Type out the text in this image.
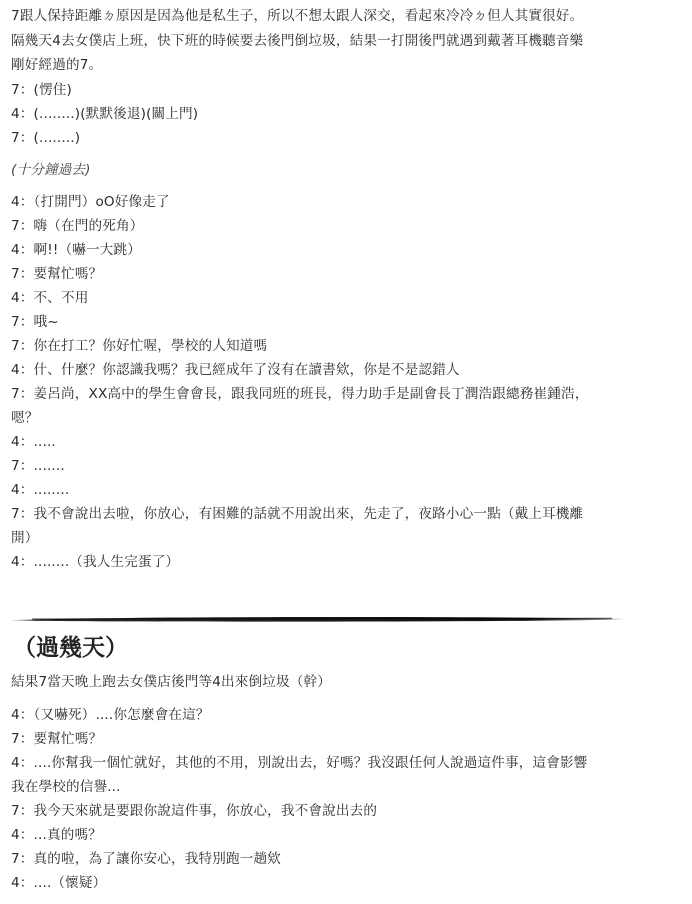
7跟人保持距離ㄉ原因是因為他是私生子，所以不想太跟人深交，看起來冷冷ㄉ但人其實很好。
隔幾天4去女僕店上班，快下班的時候要去後門倒垃圾，結果一打開後門就遇到戴著耳機聽音樂
剛好經過的7。
7：(愣住)
4：(........)(默默後退)(關上門)
7：(........)
(十分鐘過去)
4：（打開門）oO好像走了
7：嗨（在門的死角）
4：啊!!（嚇一大跳）
7：要幫忙嗎？
4：不、不用
7：哦~
7：你在打工？你好忙喔，學校的人知道嗎
4：什、什麼？你認識我嗎？我已經成年了沒有在讀書欸，你是不是認錯人
7：姜呂尚，XX高中的學生會會長，跟我同班的班長，得力助手是副會長丁潤浩跟總務崔鍾浩，
嗯？
4：.....
7：.......
4：........
7：我不會說出去啦，你放心，有困難的話就不用說出來，先走了，夜路小心一點（戴上耳機離
開）
4：........（我人生完蛋了）
（過幾天）
結果7當天晚上跑去女僕店後門等4出來倒垃圾（幹）
4：（又嚇死）....你怎麼會在這？
7：要幫忙嗎？
4：....你幫我一個忙就好，其他的不用，別說出去，好嗎？我沒跟任何人說過這件事，這會影響
我在學校的信譽...
7：我今天來就是要跟你說這件事，你放心，我不會說出去的
4：...真的嗎？
7：真的啦，為了讓你安心，我特別跑一趟欸
4：....（懷疑）
